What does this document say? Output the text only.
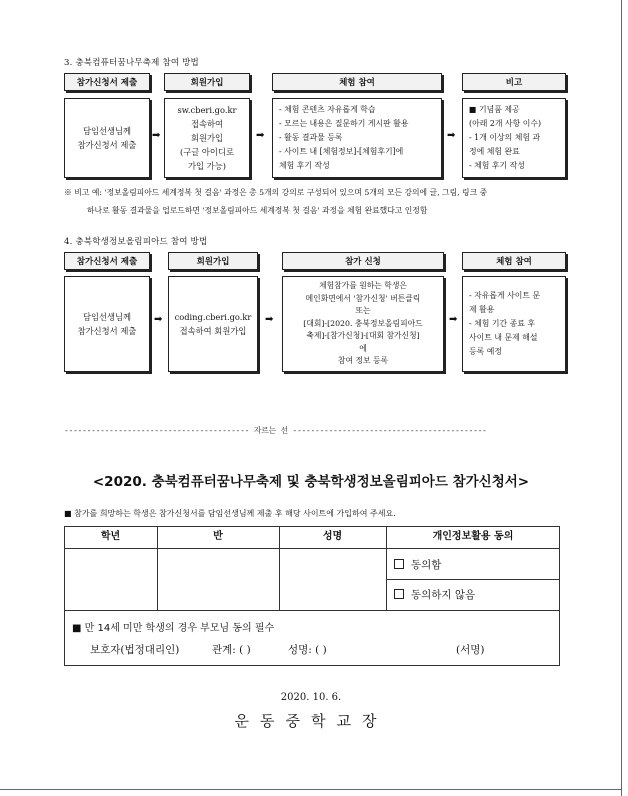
3. 충북컴퓨터꿈나무축제 참여 방법
참가신청서 제출	회원가입	체험 참여	비고
담임선생님께
참가신청서 제출
sw.cberi.go.kr
접속하여
회원가입
(구글 아이디로
가입 가능)
- 체험 콘텐츠 자유롭게 학습
- 모르는 내용은 질문하기 게시판 활용
- 활동 결과물 등록
- 사이트 내 [체험정보]-[체험후기]에
체험 후기 작성
■ 기념품 제공
(아래 2개 사항 이수)
- 1개 이상의 체험 과
정에 체험 완료
- 체험 후기 작성
➡	➡	➡
※ 비고 예: '정보올림피아드 세계정복 첫 걸음' 과정은 총 5개의 강의로 구성되어 있으며 5개의 모든 강의에 글, 그림, 링크 중
하나로 활동 결과물을 업로드하면 '정보올림피아드 세계정복 첫 걸음' 과정을 체험 완료했다고 인정함
4. 충북학생정보올림피아드 참여 방법
참가신청서 제출	회원가입	참가 신청	체험 참여
담임선생님께
참가신청서 제출
coding.cberi.go.kr
접속하여 회원가입
체험참가를 원하는 학생은
메인화면에서 '참가신청' 버튼클릭
또는
[대회]-[2020. 충북정보올림피아드
축제]-[참가신청]-[대회 참가신청]
에
참여 정보 등록
- 자유롭게 사이트 문
제 활용
- 체험 기간 종료 후
사이트 내 문제 해설
등록 예정
➡	➡	➡
----------------------------------------- 자르는 선 -------------------------------------------
<2020. 충북컴퓨터꿈나무축제 및 충북학생정보올림피아드 참가신청서>
■ 참가를 희망하는 학생은 참가신청서를 담임선생님께 제출 후 해당 사이트에 가입하여 주세요.
학년	반	성명	개인정보활용 동의
동의함
동의하지 않음
■ 만 14세 미만 학생의 경우 부모님 동의 필수
보호자(법정대리인)	관계: ( )	성명: ( )	(서명)
2020. 10. 6.
운동중학교장
